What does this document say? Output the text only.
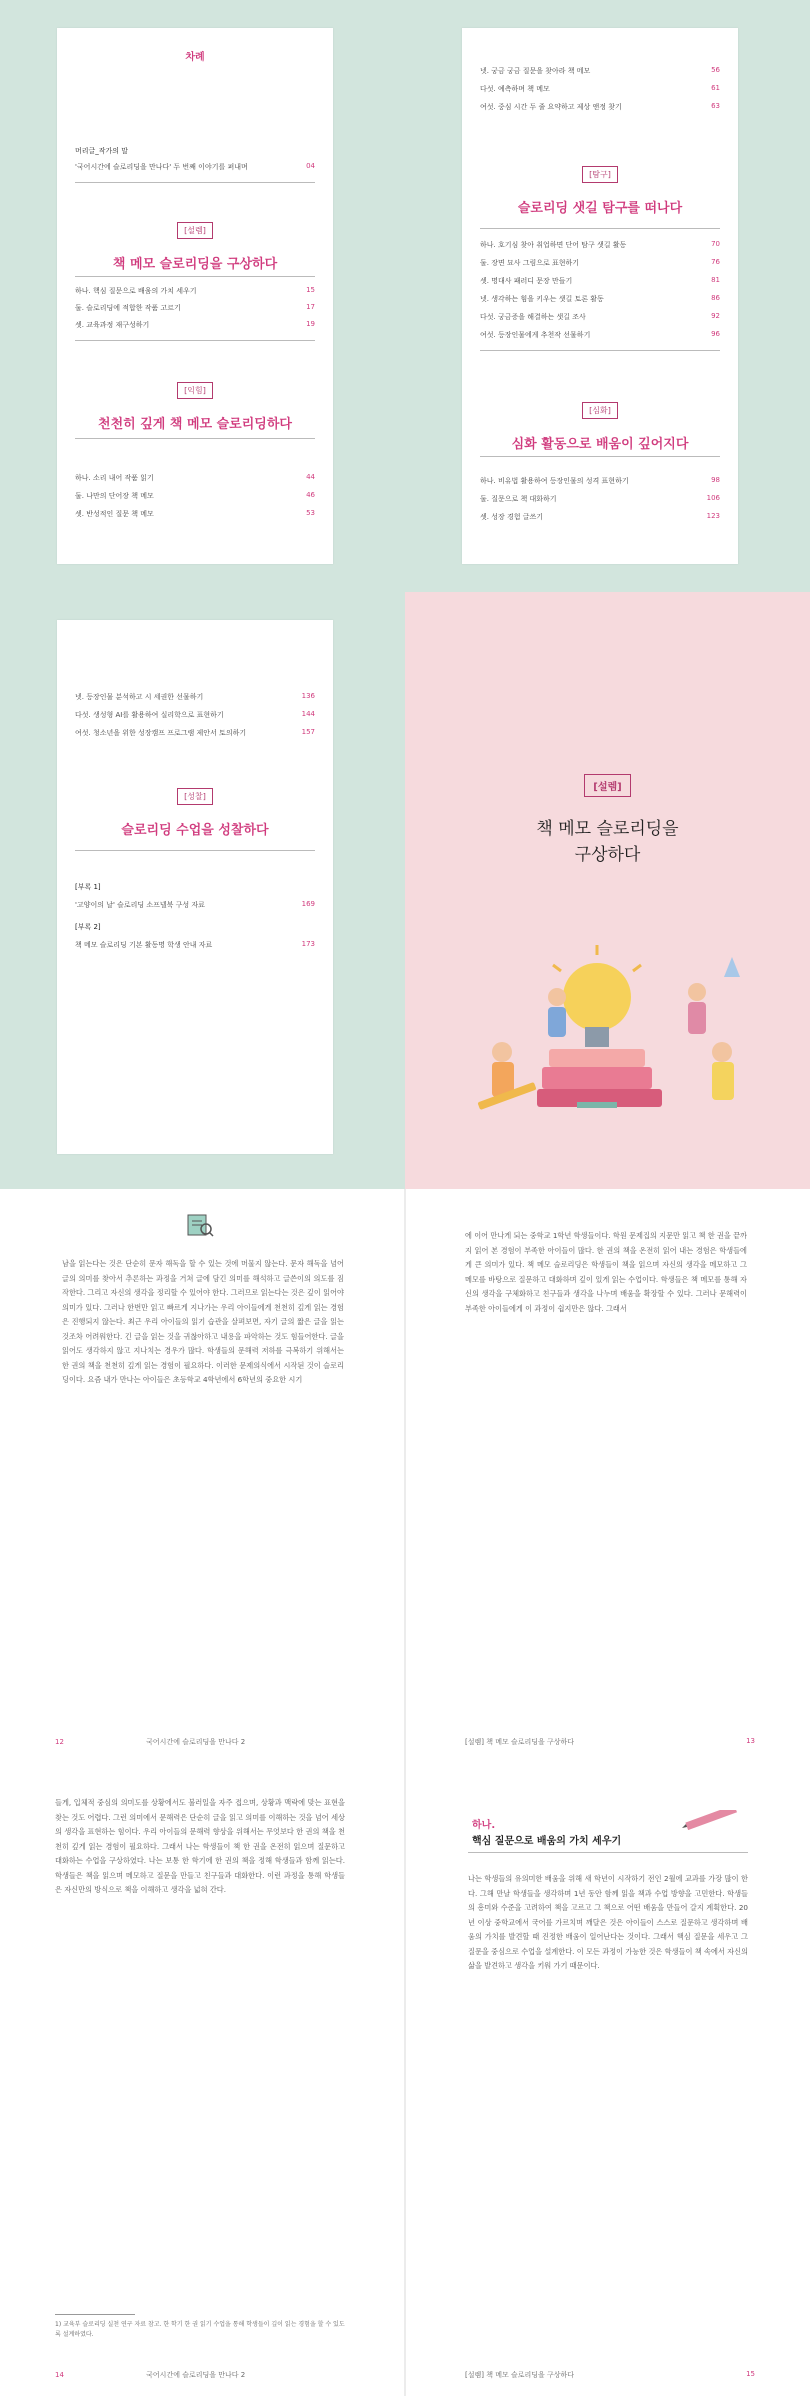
차례
머리글_작가의 말
'국어시간에 슬로리딩을 만나다' 두 번째 이야기를 펴내며	04
[설렘]
책 메모 슬로리딩을 구상하다
하나. 핵심 질문으로 배움의 가치 세우기	15
둘. 슬로리딩에 적합한 작품 고르기	17
셋. 교육과정 재구성하기	19
[익힘]
천천히 깊게 책 메모 슬로리딩하다
하나. 소리 내어 작품 읽기	44
둘. 나만의 단어장 책 메모	46
셋. 반성적인 질문 책 메모	53
넷. 궁금 궁금 질문을 찾아라 책 메모	56
다섯. 예측하며 책 메모	61
여섯. 중심 시간 두 줄 요약하고 제상 앤정 찾기	63
[탐구]
슬로리딩 샛길 탐구를 떠나다
하나. 호기심 찾아 취업하면 단어 탐구 샛길 활동	70
둘. 장면 묘사 그림으로 표현하기	76
셋. 명대사 패러디 문장 만들기	81
넷. 생각하는 힘을 키우는 샛길 토론 활동	86
다섯. 궁금증을 해결하는 샛길 조사	92
여섯. 등장인물에게 추천작 선물하기	96
[심화]
심화 활동으로 배움이 깊어지다
하나. 비유법 활용하여 등장인물의 성격 표현하기	98
둘. 질문으로 책 대화하기	106
셋. 성장 경험 글쓰기	123
넷. 등장인물 분석하고 시 세권한 선물하기	136
다섯. 생성형 AI를 활용하여 실리학으로 표현하기	144
여섯. 청소년을 위한 성장캠프 프로그램 제안서 토의하기	157
[성찰]
슬로리딩 수업을 성찰하다
[부록 1]
'고양이의 날' 슬로리딩 소프넬북 구성 자료	169
[부록 2]
책 메모 슬로리딩 기본 활동명 학생 안내 자료	173
[설렘]
책 메모 슬로리딩을
구상하다
남을 읽는다는 것은 단순히 문자 해독을 할 수 있는 것에 머물지 않는다. 문자 해독을 넘어 글의 의미를 찾아서 추론하는 과정을 거쳐 글에 담긴 의미를 해석하고 글쓴이의 의도를 짐작한다. 그리고 자신의 생각을 정리할 수 있어야 한다. 그러므로 읽는다는 것은 깊이 읽어야 의미가 있다. 그러나 한번만 읽고 빠르게 지나가는 우리 아이들에게 천천히 깊게 읽는 경험은 진행되지 않는다. 최근 우리 아이들의 읽기 습관을 살펴보면, 자기 글의 짧은 글을 읽는 것조차 어려워한다. 긴 글을 읽는 것을 귀찮아하고 내용을 파악하는 것도 힘들어한다. 글을 읽어도 생각하지 않고 지나치는 경우가 많다. 학생들의 문해력 저하를 극복하기 위해서는 한 권의 책을 천천히 깊게 읽는 경험이 필요하다. 이러한 문제의식에서 시작된 것이 슬로리딩이다. 요즘 내가 만나는 아이들은 초등학교 4학년에서 6학년의 중요한 시기
에 이어 만나게 되는 중학교 1학년 학생들이다. 학원 문제집의 지문만 읽고 책 한 권을 끝까지 읽어 본 경험이 부족한 아이들이 많다. 한 권의 책을 온전히 읽어 내는 경험은 학생들에게 큰 의미가 있다. 책 메모 슬로리딩은 학생들이 책을 읽으며 자신의 생각을 메모하고 그 메모를 바탕으로 질문하고 대화하며 깊이 있게 읽는 수업이다. 학생들은 책 메모를 통해 자신의 생각을 구체화하고 친구들과 생각을 나누며 배움을 확장할 수 있다. 그러나 문해력이 부족한 아이들에게 이 과정이 쉽지만은 않다. 그래서
12	국어시간에 슬로리딩을 만나다 2	[설렘] 책 메모 슬로리딩을 구상하다	13
들게, 입체적 중심의 의미도를 상황에서도 불러일을 자주 접으며, 상황과 맥락에 맞는 표현을 찾는 것도 어렵다. 그런 의미에서 문해력은 단순히 글을 읽고 의미를 이해하는 것을 넘어 세상의 생각을 표현하는 힘이다. 우리 아이들의 문해력 향상을 위해서는 무엇보다 한 권의 책을 천천히 깊게 읽는 경험이 필요하다. 그래서 나는 학생들이 책 한 권을 온전히 읽으며 질문하고 대화하는 수업을 구상하였다. 나는 보통 한 학기에 한 권의 책을 정해 학생들과 함께 읽는다. 학생들은 책을 읽으며 메모하고 질문을 만들고 친구들과 대화한다. 이런 과정을 통해 학생들은 자신만의 방식으로 책을 이해하고 생각을 넓혀 간다.
1) 교육부 슬로리딩 실천 연구 자료 참고. 한 학기 한 권 읽기 수업을 통해 학생들이 깊이 읽는 경험을 할 수 있도록 설계하였다.
하나.
핵심 질문으로 배움의 가치 세우기
나는 학생들의 유의미한 배움을 위해 새 학년이 시작하기 전인 2월에 교과를 가장 많이 한다. 그해 만날 학생들을 생각하며 1년 동안 함께 읽을 책과 수업 방향을 고민한다. 학생들의 흥미와 수준을 고려하여 책을 고르고 그 책으로 어떤 배움을 만들어 갈지 계획한다. 20년 이상 중학교에서 국어를 가르치며 깨달은 것은 아이들이 스스로 질문하고 생각하며 배움의 가치를 발견할 때 진정한 배움이 일어난다는 것이다. 그래서 핵심 질문을 세우고 그 질문을 중심으로 수업을 설계한다. 이 모든 과정이 가능한 것은 학생들이 책 속에서 자신의 삶을 발견하고 생각을 키워 가기 때문이다.
14	국어시간에 슬로리딩을 만나다 2	[설렘] 책 메모 슬로리딩을 구상하다	15
